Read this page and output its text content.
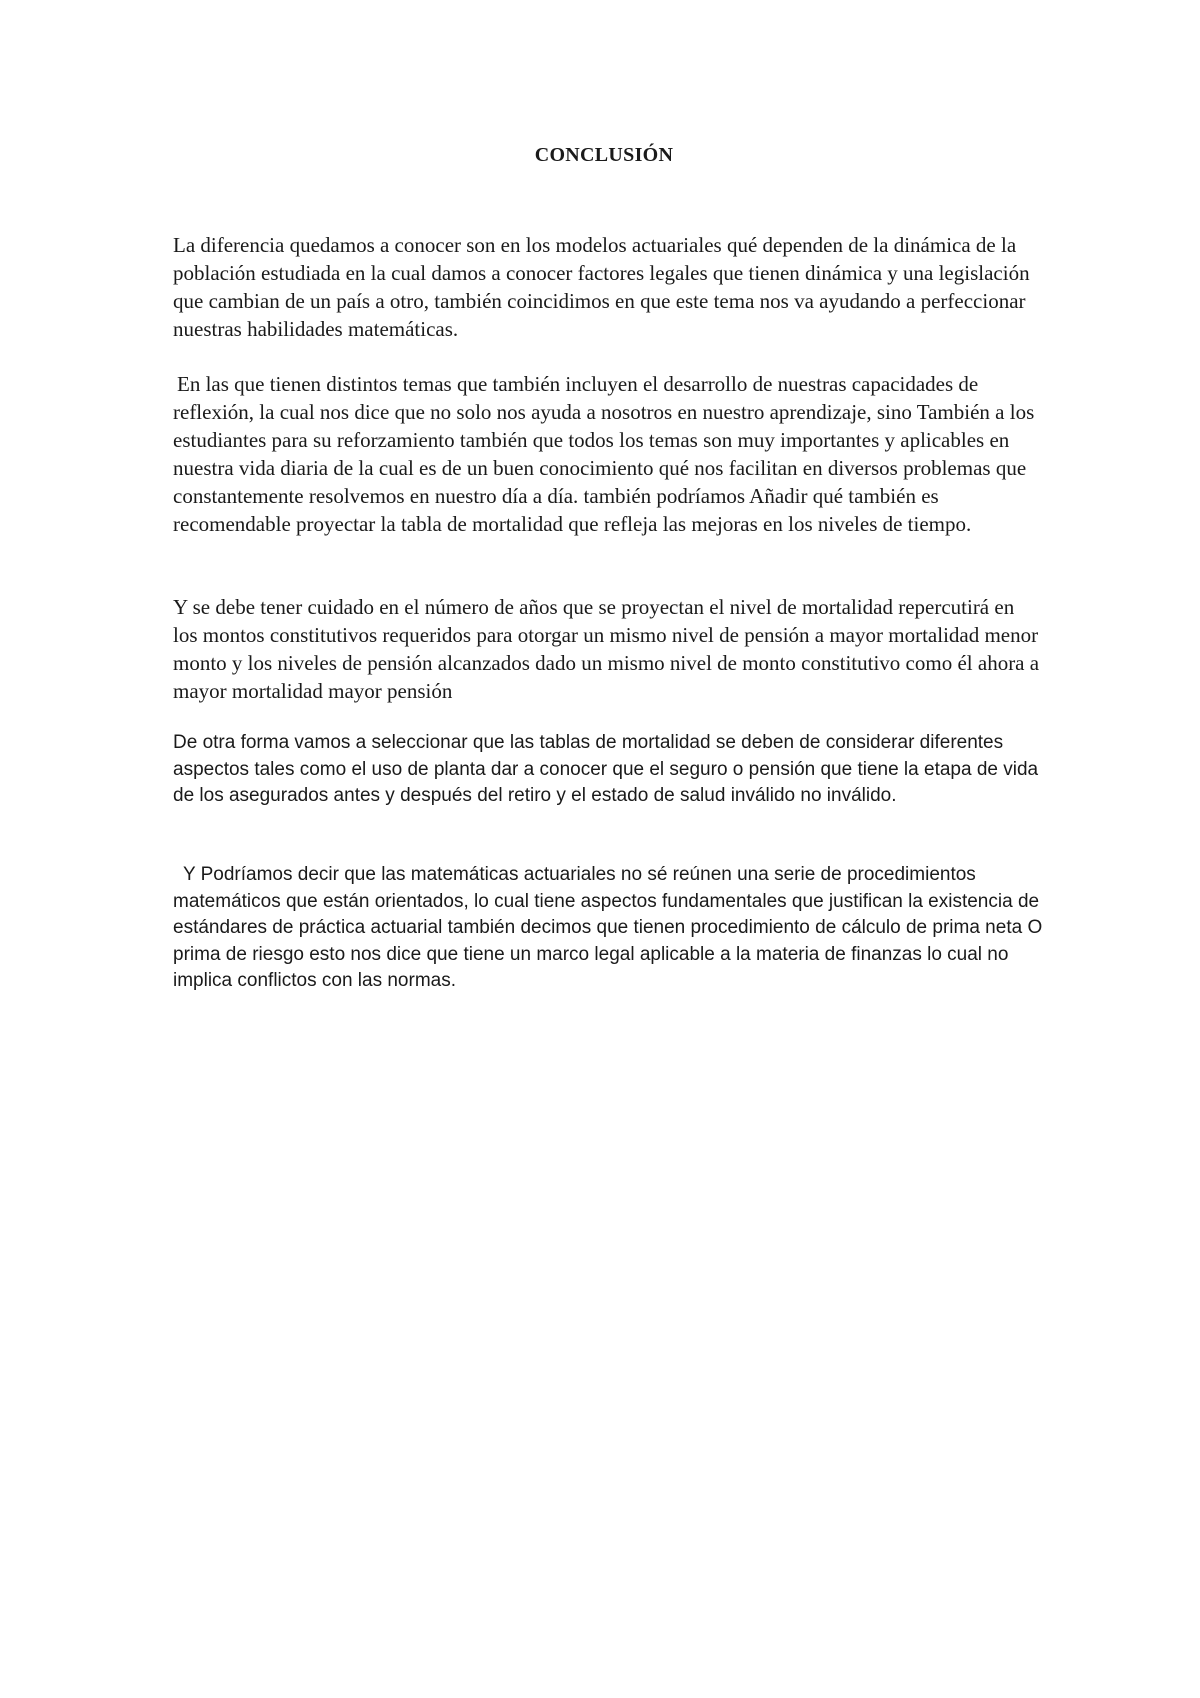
CONCLUSIÓN

La diferencia quedamos a conocer son en los modelos actuariales qué dependen de la dinámica de la población estudiada en la cual damos a conocer factores legales que tienen dinámica y una legislación que cambian de un país a otro, también coincidimos en que este tema nos va ayudando a perfeccionar nuestras habilidades matemáticas.

En las que tienen distintos temas que también incluyen el desarrollo de nuestras capacidades de reflexión, la cual nos dice que no solo nos ayuda a nosotros en nuestro aprendizaje, sino También a los estudiantes para su reforzamiento también que todos los temas son muy importantes y aplicables en nuestra vida diaria de la cual es de un buen conocimiento qué nos facilitan en diversos problemas que constantemente resolvemos en nuestro día a día. también podríamos Añadir qué también es recomendable proyectar la tabla de mortalidad que refleja las mejoras en los niveles de tiempo.

Y se debe tener cuidado en el número de años que se proyectan el nivel de mortalidad repercutirá en los montos constitutivos requeridos para otorgar un mismo nivel de pensión a mayor mortalidad menor monto y los niveles de pensión alcanzados dado un mismo nivel de monto constitutivo como él ahora a mayor mortalidad mayor pensión

De otra forma vamos a seleccionar que las tablas de mortalidad se deben de considerar diferentes aspectos tales como el uso de planta dar a conocer que el seguro o pensión que tiene la etapa de vida de los asegurados antes y después del retiro y el estado de salud inválido no inválido.

Y Podríamos decir que las matemáticas actuariales no sé reúnen una serie de procedimientos matemáticos que están orientados, lo cual tiene aspectos fundamentales que justifican la existencia de estándares de práctica actuarial también decimos que tienen procedimiento de cálculo de prima neta O prima de riesgo esto nos dice que tiene un marco legal aplicable a la materia de finanzas lo cual no implica conflictos con las normas.
